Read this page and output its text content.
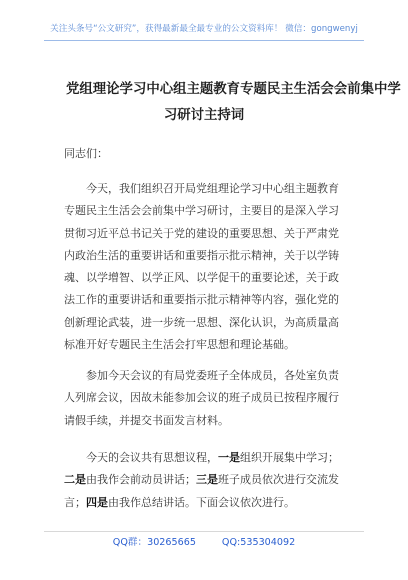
关注头条号“公文研究”，获得最新最全最专业的公文资料库！ 微信：gongwenyj
党组理论学习中心组主题教育专题民主生活会会前集中学
习研讨主持词
同志们：
今天，我们组织召开局党组理论学习中心组主题教育
专题民主生活会会前集中学习研讨，主要目的是深入学习
贯彻习近平总书记关于党的建设的重要思想、关于严肃党
内政治生活的重要讲话和重要指示批示精神，关于以学铸
魂、以学增智、以学正风、以学促干的重要论述，关于政
法工作的重要讲话和重要指示批示精神等内容，强化党的
创新理论武装，进一步统一思想、深化认识，为高质量高
标准开好专题民主生活会打牢思想和理论基础。
参加今天会议的有局党委班子全体成员，各处室负责
人列席会议，因故未能参加会议的班子成员已按程序履行
请假手续，并提交书面发言材料。
今天的会议共有思想议程，一是组织开展集中学习；
二是由我作会前动员讲话；三是班子成员依次进行交流发
言；四是由我作总结讲话。下面会议依次进行。
QQ群：30265665	QQ:535304092
